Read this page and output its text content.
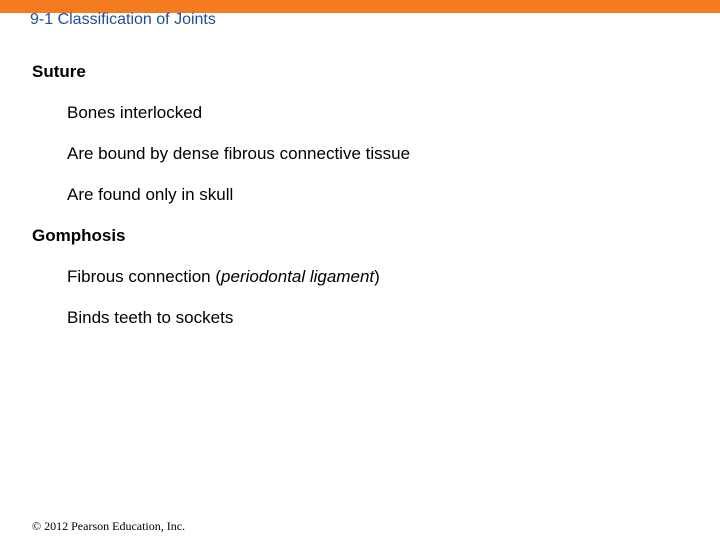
9-1 Classification of Joints
Suture
Bones interlocked
Are bound by dense fibrous connective tissue
Are found only in skull
Gomphosis
Fibrous connection (periodontal ligament)
Binds teeth to sockets
© 2012 Pearson Education, Inc.
